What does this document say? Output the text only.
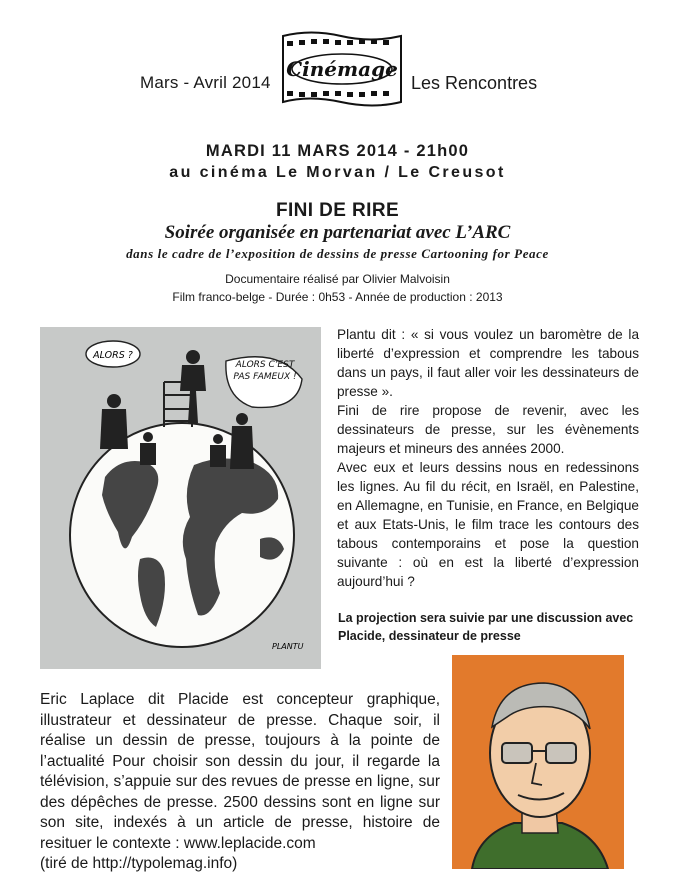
Mars - Avril 2014
Cinémage
Les Rencontres
MARDI 11 MARS 2014 - 21h00
au cinéma Le Morvan / Le Creusot
FINI DE RIRE
Soirée organisée en partenariat avec L’ARC
dans le cadre de l’exposition de dessins de presse Cartooning for Peace
Documentaire réalisé par Olivier Malvoisin
Film franco-belge - Durée : 0h53 - Année de production : 2013
ALORS ?
ALORS C’EST PAS FAMEUX !
PLANTU

Plantu dit : « si vous voulez un baromètre de la liberté d’expression et comprendre les tabous dans un pays, il faut aller voir les dessinateurs de presse ».

Fini de rire propose de revenir, avec les dessinateurs de presse, sur les évènements majeurs et mineurs des années 2000.

Avec eux et leurs dessins nous en redessinons les lignes. Au fil du récit, en Israël, en Palestine, en Allemagne, en Tunisie, en France, en Belgique et aux Etats-Unis, le film trace les contours des tabous contemporains et pose la question suivante : où en est la liberté d’expression aujourd’hui ?

La projection sera suivie par une discussion avec Placide, dessinateur de presse
Eric Laplace dit Placide est concepteur graphique, illustrateur et dessinateur de presse. Chaque soir, il réalise un dessin de presse, toujours à la pointe de l’actualité Pour choisir son dessin du jour, il regarde la télévision, s’appuie sur des revues de presse en ligne, sur des dépêches de presse. 2500 dessins sont en ligne sur son site, indexés à un article de presse, histoire de resituer le contexte : www.leplacide.com
(tiré de http://typolemag.info)
